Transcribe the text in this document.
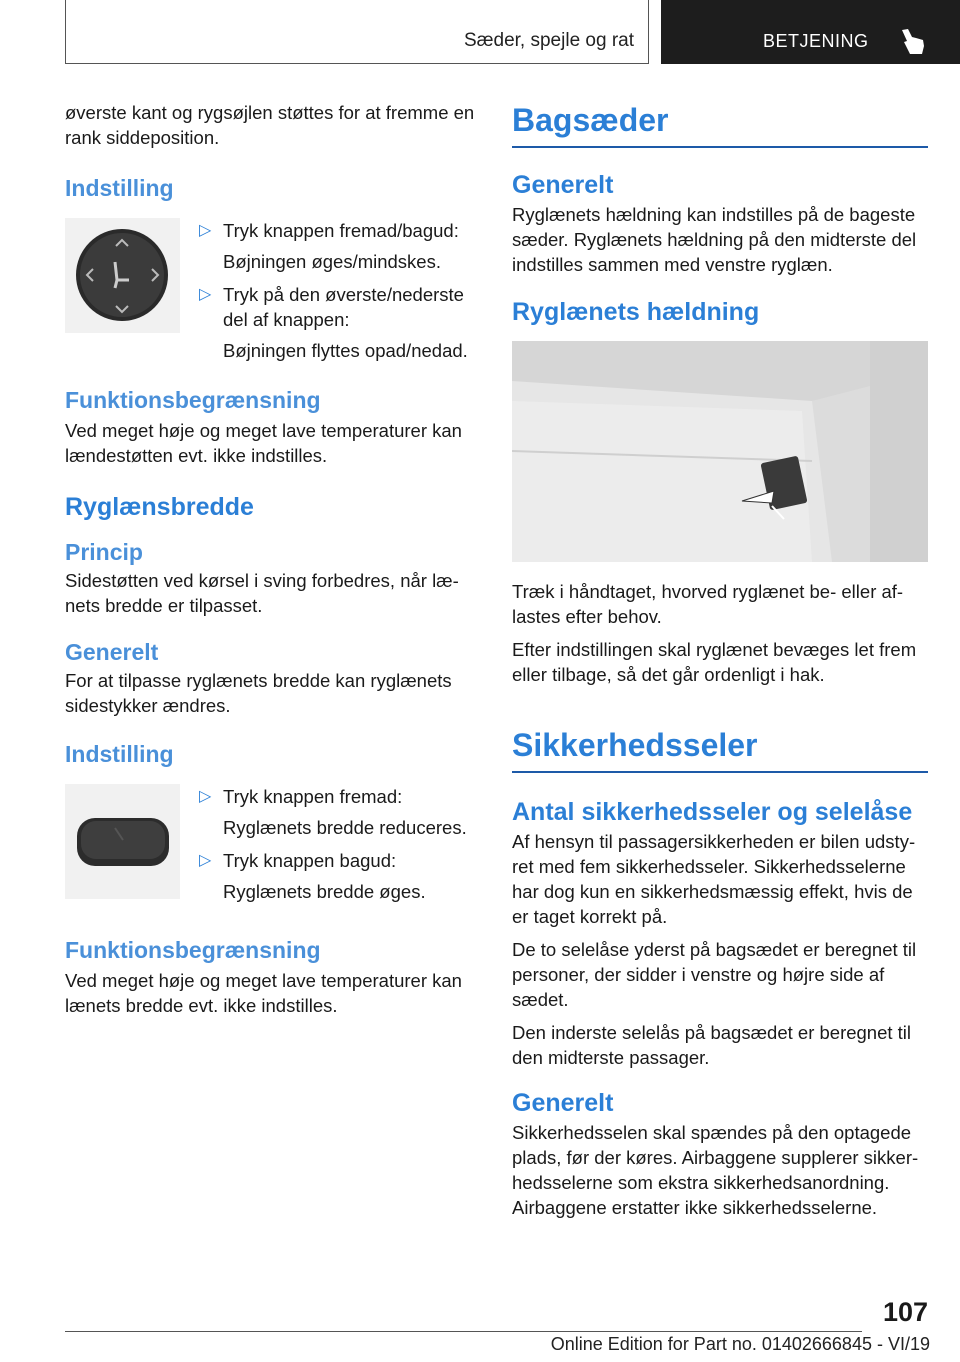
Sæder, spejle og rat	BETJENING

øverste kant og rygsøjlen støttes for at fremme en rank siddeposition.

Indstilling
▷ Tryk knappen fremad/bagud:

Bøjningen øges/mindskes.

▷ Tryk på den øverste/nederste del af knappen:

Bøjningen flyttes opad/nedad.

Funktionsbegrænsning

Ved meget høje og meget lave temperaturer kan lændestøtten evt. ikke indstilles.

Ryglænsbredde
Princip

Sidestøtten ved kørsel i sving forbedres, når læ‐ nets bredde er tilpasset.

Generelt

For at tilpasse ryglænets bredde kan ryglænets sidestykker ændres.

Indstilling
▷ Tryk knappen fremad:

Ryglænets bredde reduceres.

▷ Tryk knappen bagud:

Ryglænets bredde øges.

Funktionsbegrænsning

Ved meget høje og meget lave temperaturer kan lænets bredde evt. ikke indstilles.

Bagsæder
Generelt

Ryglænets hældning kan indstilles på de bageste sæder. Ryglænets hældning på den midterste del indstilles sammen med venstre ryglæn.

Ryglænets hældning

Træk i håndtaget, hvorved ryglænet be- eller af‐ lastes efter behov.

Efter indstillingen skal ryglænet bevæges let frem eller tilbage, så det går ordenligt i hak.

Sikkerhedsseler
Antal sikkerhedsseler og selelåse

Af hensyn til passagersikkerheden er bilen udsty‐ ret med fem sikkerhedsseler. Sikkerhedsselerne har dog kun en sikkerhedsmæssig effekt, hvis de er taget korrekt på.

De to selelåse yderst på bagsædet er beregnet til personer, der sidder i venstre og højre side af sædet.

Den inderste selelås på bagsædet er beregnet til den midterste passager.

Generelt

Sikkerhedsselen skal spændes på den optagede plads, før der køres. Airbaggene supplerer sikker‐ hedsselerne som ekstra sikkerhedsanordning. Airbaggene erstatter ikke sikkerhedsselerne.

107
Online Edition for Part no. 01402666845 - VI/19
